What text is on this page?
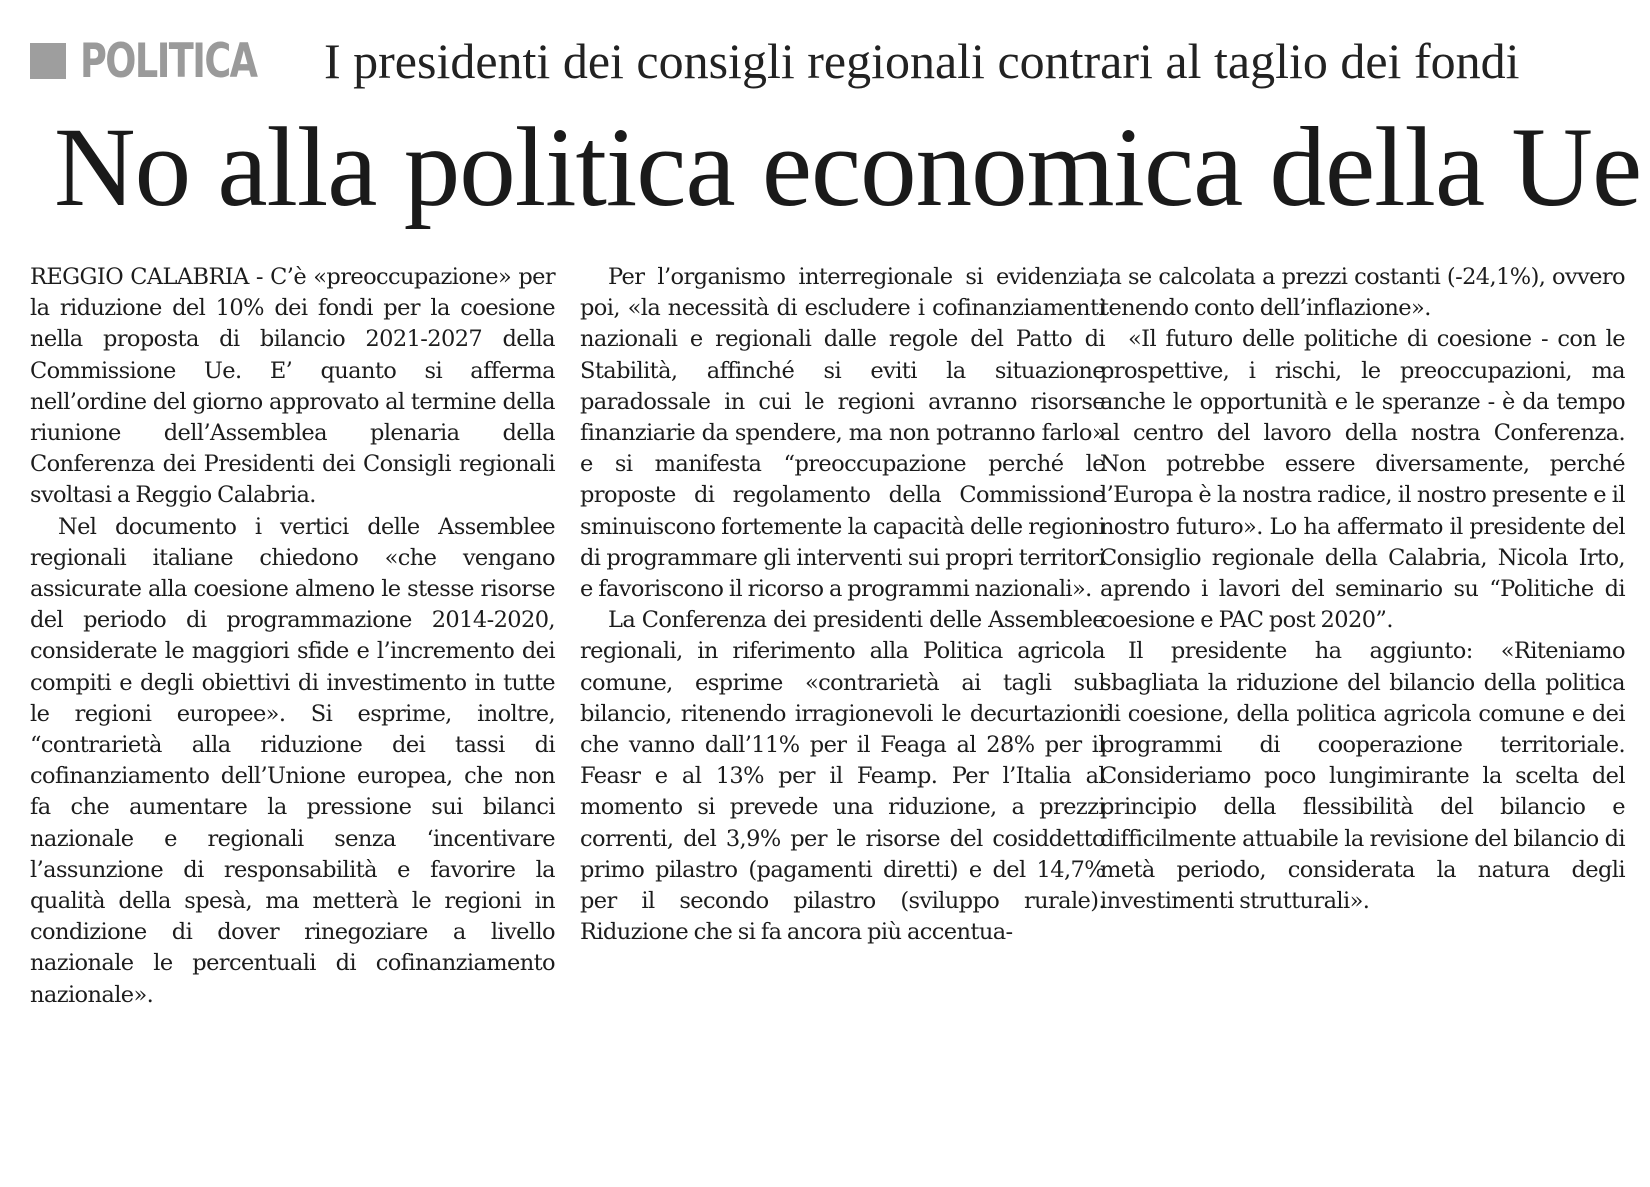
POLITICA I presidenti dei consigli regionali contrari al taglio dei fondi
No alla politica economica della Ue

REGGIO CALABRIA - C’è «preoccupazione» per la riduzione del 10% dei fondi per la coesione nella proposta di bilancio 2021-2027 della Commissione Ue. E’ quanto si afferma nell’ordine del giorno approvato al termine della riunione dell’Assemblea plenaria della Conferenza dei Presidenti dei Consigli regionali svoltasi a Reggio Calabria.

Nel documento i vertici delle Assemblee regionali italiane chiedono «che vengano assicurate alla coesione almeno le stesse risorse del periodo di programmazione 2014-2020, considerate le maggiori sfide e l’incremento dei compiti e degli obiettivi di investimento in tutte le regioni europee». Si esprime, inoltre, “contrarietà alla riduzione dei tassi di cofinanziamento dell’Unione europea, che non fa che aumentare la pressione sui bilanci nazionale e regionali senza ‘incentivare l’assunzione di responsabilità e favorire la qualità della spesà, ma metterà le regioni in condizione di dover rinegoziare a livello nazionale le percentuali di cofinanziamento nazionale».

Per l’organismo interregionale si evidenzia, poi, «la necessità di escludere i cofinanziamenti nazionali e regionali dalle regole del Patto di Stabilità, affinché si eviti la situazione paradossale in cui le regioni avranno risorse finanziarie da spendere, ma non potranno farlo» e si manifesta “preoccupazione perché le proposte di regolamento della Commissione sminuiscono fortemente la capacità delle regioni di programmare gli interventi sui propri territori e favoriscono il ricorso a programmi nazionali».

La Conferenza dei presidenti delle Assemblee regionali, in riferimento alla Politica agricola comune, esprime «contrarietà ai tagli sul bilancio, ritenendo irragionevoli le decurtazioni che vanno dall’11% per il Feaga al 28% per il Feasr e al 13% per il Feamp. Per l’Italia al momento si prevede una riduzione, a prezzi correnti, del 3,9% per le risorse del cosiddetto primo pilastro (pagamenti diretti) e del 14,7% per il secondo pilastro (sviluppo rurale). Riduzione che si fa ancora più accentua-

ta se calcolata a prezzi costanti (-24,1%), ovvero tenendo conto dell’inflazione».

«Il futuro delle politiche di coesione - con le prospettive, i rischi, le preoccupazioni, ma anche le opportunità e le speranze - è da tempo al centro del lavoro della nostra Conferenza. Non potrebbe essere diversamente, perché l’Europa è la nostra radice, il nostro presente e il nostro futuro». Lo ha affermato il presidente del Consiglio regionale della Calabria, Nicola Irto, aprendo i lavori del seminario su “Politiche di coesione e PAC post 2020”.

Il presidente ha aggiunto: «Riteniamo sbagliata la riduzione del bilancio della politica di coesione, della politica agricola comune e dei programmi di cooperazione territoriale. Consideriamo poco lungimirante la scelta del principio della flessibilità del bilancio e difficilmente attuabile la revisione del bilancio di metà periodo, considerata la natura degli investimenti strutturali».
